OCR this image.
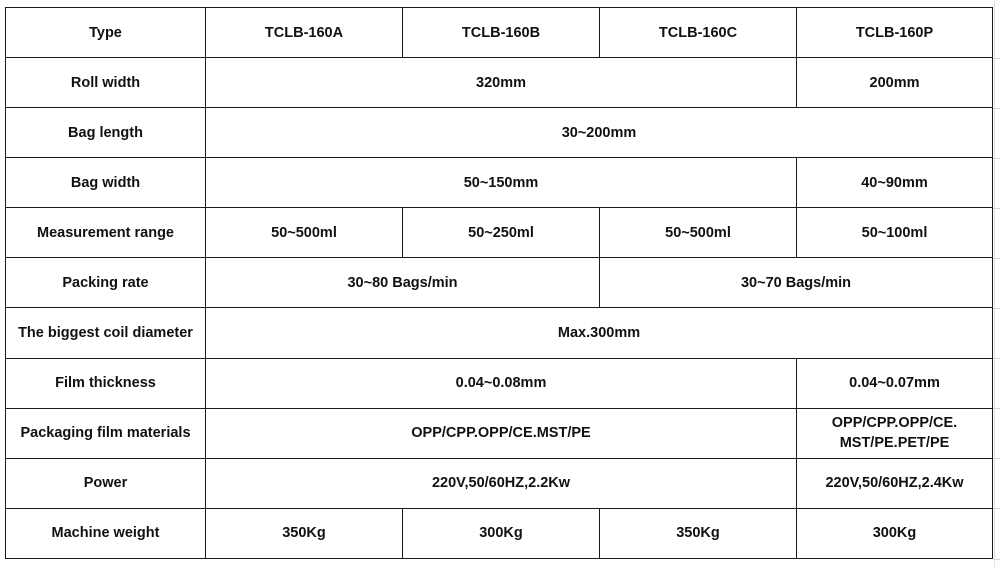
Type	TCLB-160A	TCLB-160B	TCLB-160C	TCLB-160P
Roll width	320mm			200mm
Bag length	30~200mm			
Bag width	50~150mm			40~90mm
Measurement range	50~500ml	50~250ml	50~500ml	50~100ml
Packing rate	30~80 Bags/min		30~70 Bags/min	
The biggest coil diameter	Max.300mm			
Film thickness	0.04~0.08mm			0.04~0.07mm
Packaging film materials	OPP/CPP.OPP/CE.MST/PE			OPP/CPP.OPP/CE.
MST/PE.PET/PE
Power	220V,50/60HZ,2.2Kw			220V,50/60HZ,2.4Kw
Machine weight	350Kg	300Kg	350Kg	300Kg
